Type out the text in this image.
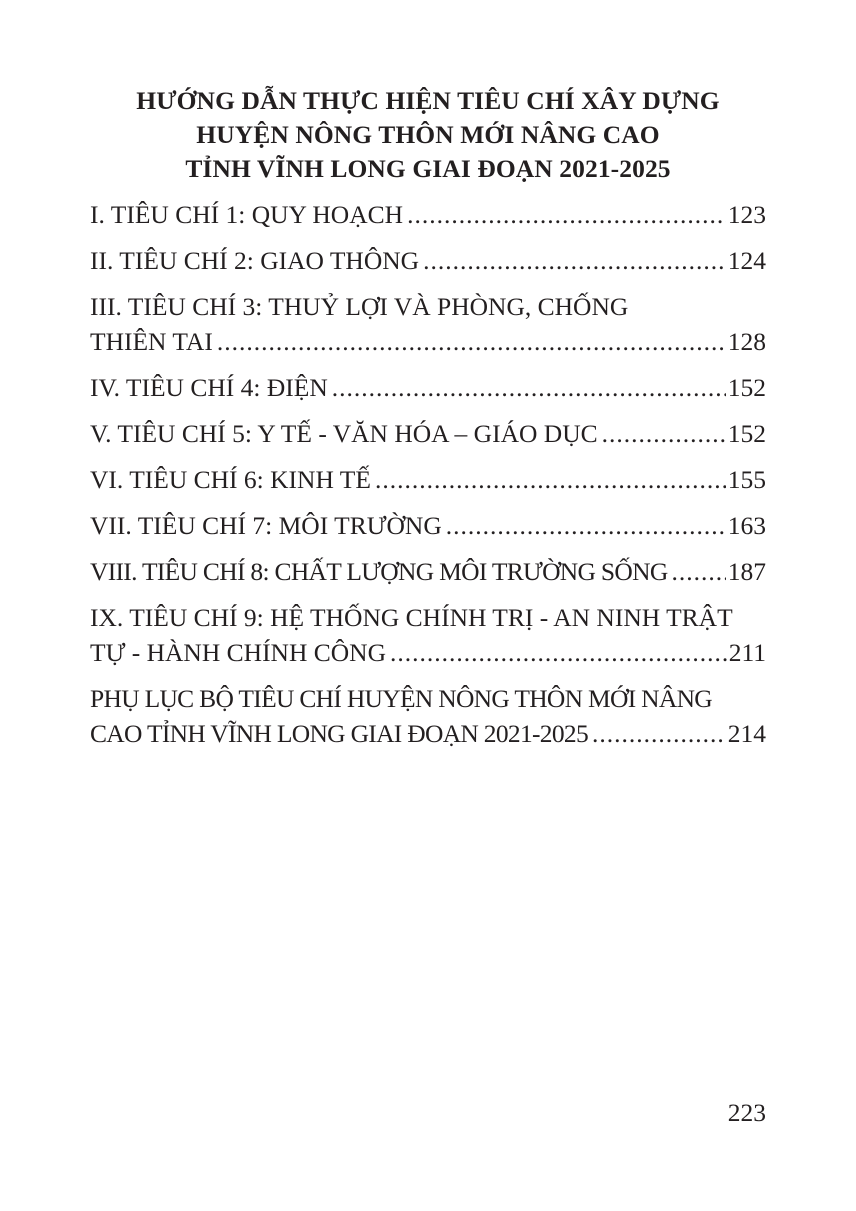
HƯỚNG DẪN THỰC HIỆN TIÊU CHÍ XÂY DỰNG
HUYỆN NÔNG THÔN MỚI NÂNG CAO
TỈNH VĨNH LONG GIAI ĐOẠN 2021-2025
I. TIÊU CHÍ 1: QUY HOẠCH .....	123
II. TIÊU CHÍ 2: GIAO THÔNG .....	124
III. TIÊU CHÍ 3: THUỶ LỢI VÀ PHÒNG, CHỐNG
THIÊN TAI .....	128
IV. TIÊU CHÍ 4: ĐIỆN .....	152
V. TIÊU CHÍ 5: Y TẾ - VĂN HÓA – GIÁO DỤC .....	152
VI. TIÊU CHÍ 6: KINH TẾ .....	155
VII. TIÊU CHÍ 7: MÔI TRƯỜNG .....	163
VIII. TIÊU CHÍ 8: CHẤT LƯỢNG MÔI TRƯỜNG SỐNG ..... 187
IX. TIÊU CHÍ 9: HỆ THỐNG CHÍNH TRỊ - AN NINH TRẬT
TỰ - HÀNH CHÍNH CÔNG .....	211
PHỤ LỤC BỘ TIÊU CHÍ HUYỆN NÔNG THÔN MỚI NÂNG
CAO TỈNH VĨNH LONG GIAI ĐOẠN 2021-2025 .....	214
223
